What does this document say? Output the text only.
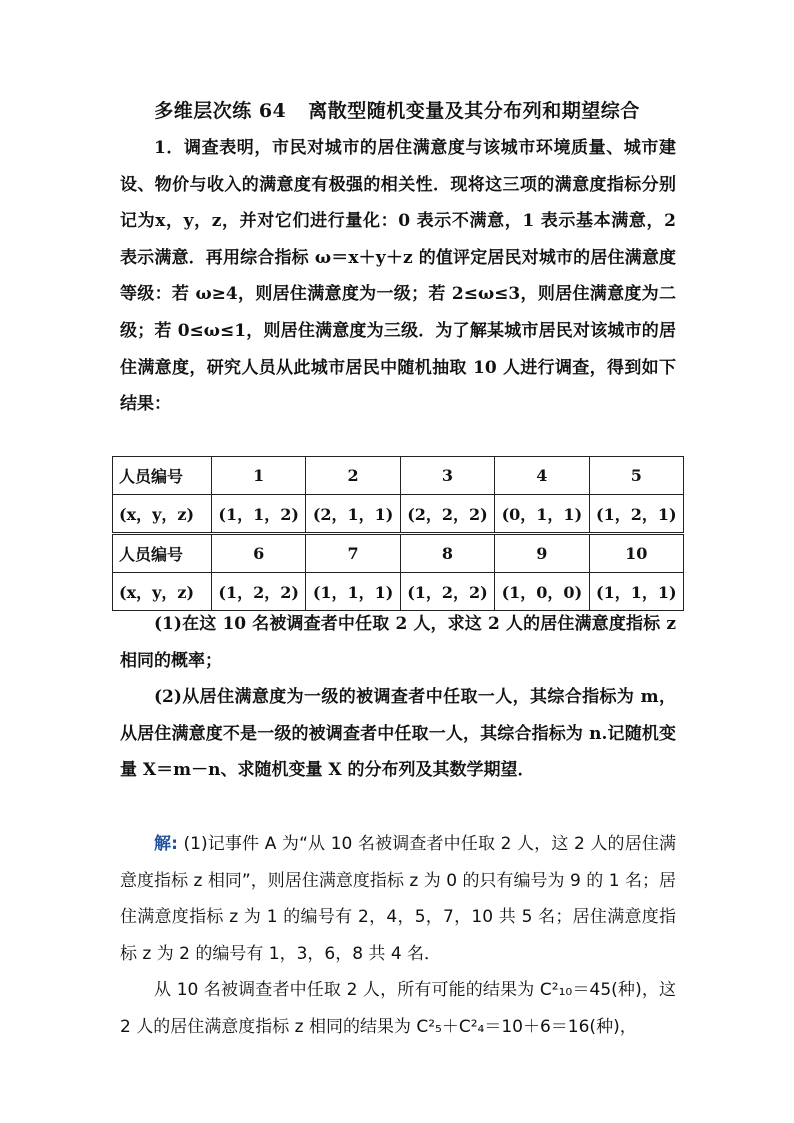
多维层次练 64 离散型随机变量及其分布列和期望综合

1．调查表明，市民对城市的居住满意度与该城市环境质量、城市建设、物价与收入的满意度有极强的相关性．现将这三项的满意度指标分别记为x，y，z，并对它们进行量化：0 表示不满意，1 表示基本满意，2 表示满意．再用综合指标 ω＝x＋y＋z 的值评定居民对城市的居住满意度等级：若 ω≥4，则居住满意度为一级；若 2≤ω≤3，则居住满意度为二级；若 0≤ω≤1，则居住满意度为三级．为了解某城市居民对该城市的居住满意度，研究人员从此城市居民中随机抽取 10 人进行调查，得到如下结果：

人员编号	1	2	3	4	5
(x，y，z)	(1，1，2)	(2，1，1)	(2，2，2)	(0，1，1)	(1，2，1)
人员编号	6	7	8	9	10
(x，y，z)	(1，2，2)	(1，1，1)	(1，2，2)	(1，0，0)	(1，1，1)

(1)在这 10 名被调查者中任取 2 人，求这 2 人的居住满意度指标 z 相同的概率；

(2)从居住满意度为一级的被调查者中任取一人，其综合指标为 m，从居住满意度不是一级的被调查者中任取一人，其综合指标为 n.记随机变量 X＝m－n、求随机变量 X 的分布列及其数学期望．

解: (1)记事件 A 为“从 10 名被调查者中任取 2 人，这 2 人的居住满意度指标 z 相同”，则居住满意度指标 z 为 0 的只有编号为 9 的 1 名；居住满意度指标 z 为 1 的编号有 2，4，5，7，10 共 5 名；居住满意度指标 z 为 2 的编号有 1，3，6，8 共 4 名．

从 10 名被调查者中任取 2 人，所有可能的结果为 C²₁₀＝45(种)，这 2 人的居住满意度指标 z 相同的结果为 C²₅＋C²₄＝10＋6＝16(种)，
